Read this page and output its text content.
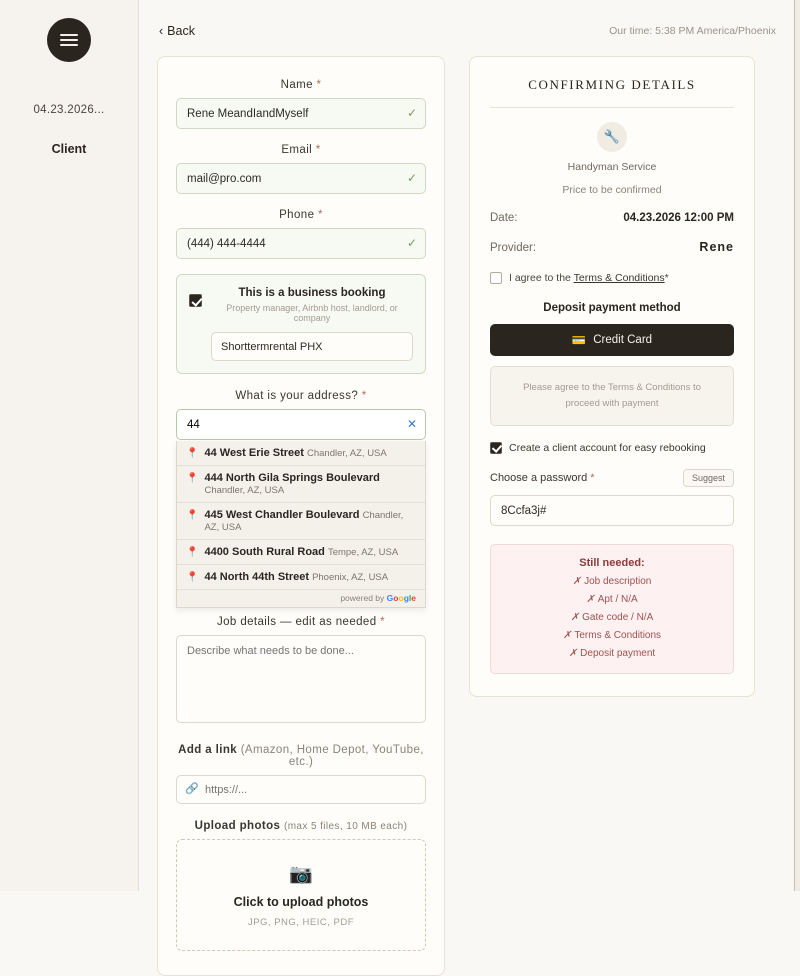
04.23.2026...
Client
‹ Back	Our time: 5:38 PM America/Phoenix
Name *
Rene MeandIandMyself
✓
Email *
mail@pro.com
✓
Phone *
(444) 444-4444
✓
This is a business booking
Property manager, Airbnb host, landlord, or company
Shorttermrental PHX
What is your address? *
44
✕
📍 44 West Erie Street Chandler, AZ, USA
📍 444 North Gila Springs Boulevard Chandler, AZ, USA
📍 445 West Chandler Boulevard Chandler, AZ, USA
📍 4400 South Rural Road Tempe, AZ, USA
📍 44 North 44th Street Phoenix, AZ, USA
powered by Google
Job details — edit as needed *
Describe what needs to be done...
Add a link (Amazon, Home Depot, YouTube, etc.)
🔗
https://...
Upload photos (max 5 files, 10 MB each)
📷
Click to upload photos
JPG, PNG, HEIC, PDF
CONFIRMING DETAILS
🔧
Handyman Service
Price to be confirmed
Date:	04.23.2026 12:00 PM
Provider:	Rene
I agree to the Terms & Conditions*
Deposit payment method
💳 Credit Card
Please agree to the Terms & Conditions to proceed with payment
Create a client account for easy rebooking
Choose a password *	Suggest
8Ccfa3j#
Still needed:
✗ Job description
✗ Apt / N/A
✗ Gate code / N/A
✗ Terms & Conditions
✗ Deposit payment
